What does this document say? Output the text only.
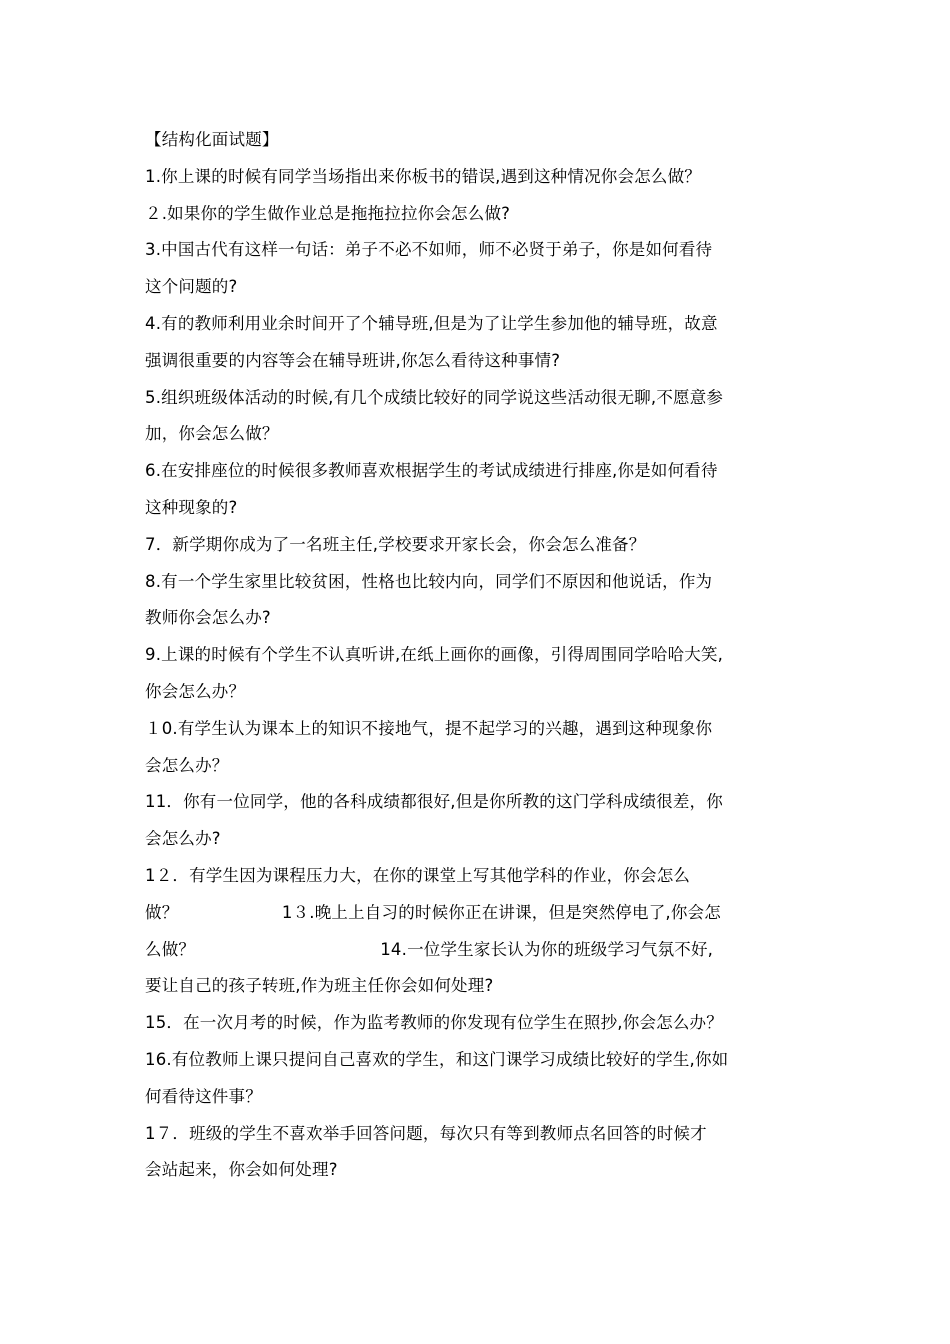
【结构化面试题】
1.你上课的时候有同学当场指出来你板书的错误,遇到这种情况你会怎么做？
２.如果你的学生做作业总是拖拖拉拉你会怎么做?
3.中国古代有这样一句话：弟子不必不如师，师不必贤于弟子，你是如何看待
这个问题的?
4.有的教师利用业余时间开了个辅导班,但是为了让学生参加他的辅导班，故意
强调很重要的内容等会在辅导班讲,你怎么看待这种事情?
5.组织班级体活动的时候,有几个成绩比较好的同学说这些活动很无聊,不愿意参
加，你会怎么做？
6.在安排座位的时候很多教师喜欢根据学生的考试成绩进行排座,你是如何看待
这种现象的?
7．新学期你成为了一名班主任,学校要求开家长会，你会怎么准备？
8.有一个学生家里比较贫困，性格也比较内向，同学们不原因和他说话，作为
教师你会怎么办?
9.上课的时候有个学生不认真听讲,在纸上画你的画像，引得周围同学哈哈大笑,
你会怎么办？
１0.有学生认为课本上的知识不接地气，提不起学习的兴趣，遇到这种现象你
会怎么办？
11．你有一位同学，他的各科成绩都很好,但是你所教的这门学科成绩很差，你
会怎么办?
1２．有学生因为课程压力大，在你的课堂上写其他学科的作业，你会怎么
做？                   1３.晚上上自习的时候你正在讲课，但是突然停电了,你会怎
么做？                                  14.一位学生家长认为你的班级学习气氛不好,
要让自己的孩子转班,作为班主任你会如何处理?
15．在一次月考的时候，作为监考教师的你发现有位学生在照抄,你会怎么办？
16.有位教师上课只提问自己喜欢的学生，和这门课学习成绩比较好的学生,你如
何看待这件事？
1７．班级的学生不喜欢举手回答问题，每次只有等到教师点名回答的时候才
会站起来，你会如何处理?
